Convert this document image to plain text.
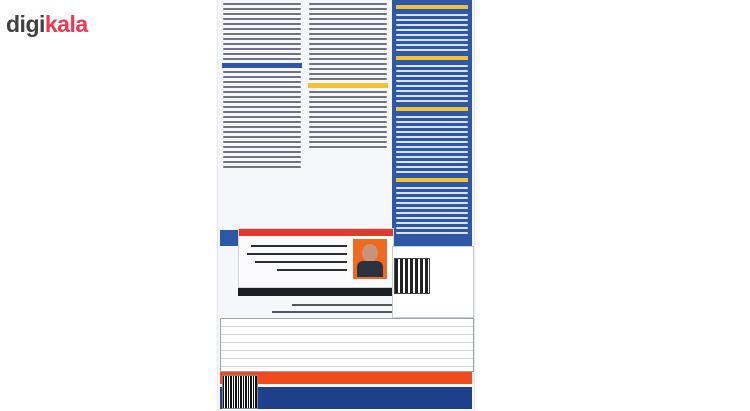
digi kala
